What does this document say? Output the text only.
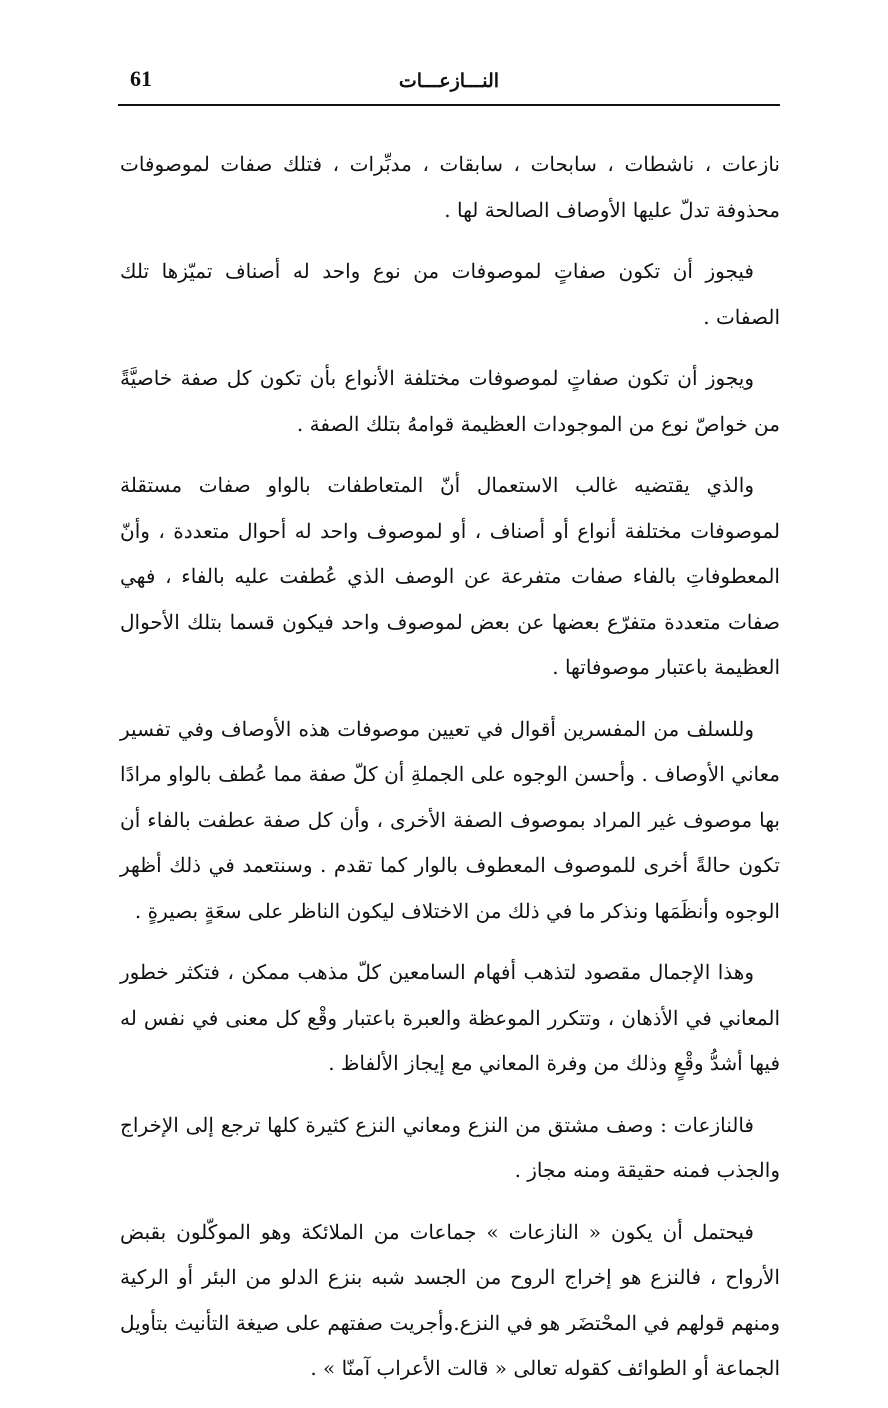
61	النـــازعـــات

نازعات ، ناشطات ، سابحات ، سابقات ، مدبِّرات ، فتلك صفات لموصوفات محذوفة تدلّ عليها الأوصاف الصالحة لها .

فيجوز أن تكون صفاتٍ لموصوفات من نوع واحد له أصناف تميّزها تلك الصفات .

ويجوز أن تكون صفاتٍ لموصوفات مختلفة الأنواع بأن تكون كل صفة خاصيَّةً من خواصّ نوع من الموجودات العظيمة قوامهُ بتلك الصفة .

والذي يقتضيه غالب الاستعمال أنّ المتعاطفات بالواو صفات مستقلة لموصوفات مختلفة أنواع أو أصناف ، أو لموصوف واحد له أحوال متعددة ، وأنّ المعطوفاتِ بالفاء صفات متفرعة عن الوصف الذي عُطفت عليه بالفاء ، فهي صفات متعددة متفرّع بعضها عن بعض لموصوف واحد فيكون قسما بتلك الأحوال العظيمة باعتبار موصوفاتها .

وللسلف من المفسرين أقوال في تعيين موصوفات هذه الأوصاف وفي تفسير معاني الأوصاف . وأحسن الوجوه على الجملةِ أن كلّ صفة مما عُطف بالواو مرادًا بها موصوف غير المراد بموصوف الصفة الأخرى ، وأن كل صفة عطفت بالفاء أن تكون حالةً أخرى للموصوف المعطوف بالوار كما تقدم . وسنتعمد في ذلك أظهر الوجوه وأنظَمَها ونذكر ما في ذلك من الاختلاف ليكون الناظر على سعَةٍ بصيرةٍ .

وهذا الإجمال مقصود لتذهب أفهام السامعين كلّ مذهب ممكن ، فتكثر خطور المعاني في الأذهان ، وتتكرر الموعظة والعبرة باعتبار وقْع كل معنى في نفس له فيها أشدُّ وقْعٍ وذلك من وفرة المعاني مع إيجاز الألفاظ .

فالنازعات : وصف مشتق من النزع ومعاني النزع كثيرة كلها ترجع إلى الإخراج والجذب فمنه حقيقة ومنه مجاز .

فيحتمل أن يكون « النازعات » جماعات من الملائكة وهو الموكّلون بقبض الأرواح ، فالنزع هو إخراج الروح من الجسد شبه بنزع الدلو من البئر أو الركية ومنهم قولهم في المحْتضَر هو في النزع.وأجريت صفتهم على صيغة التأنيث بتأويل الجماعة أو الطوائف كقوله تعالى « قالت الأعراب آمنّا » .
